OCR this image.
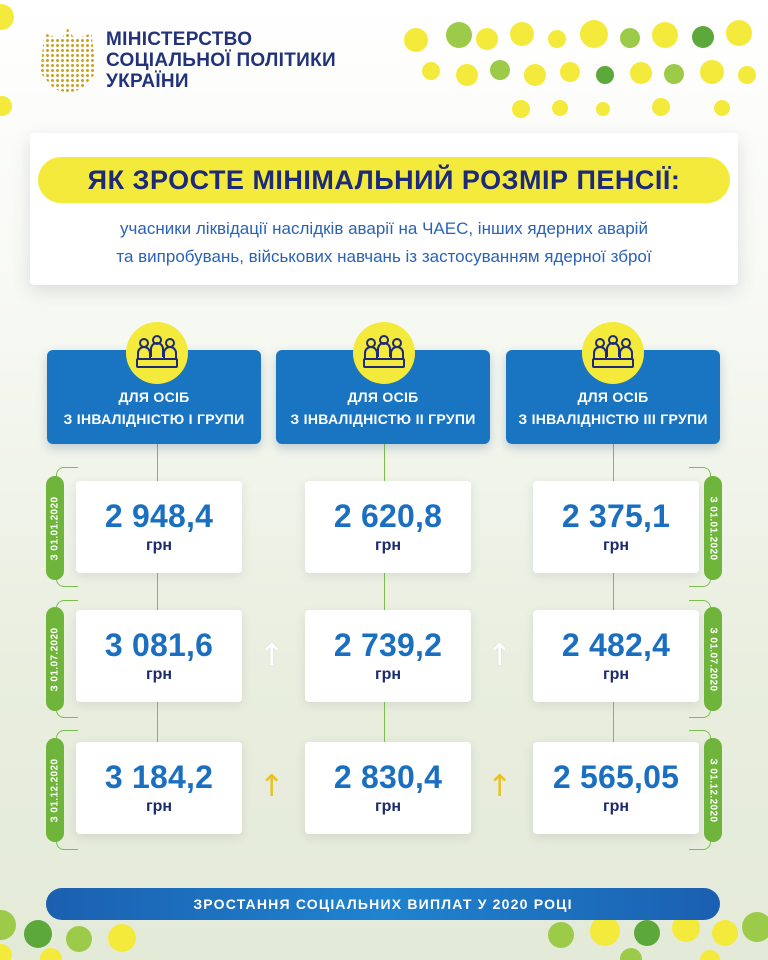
МІНІСТЕРСТВО
СОЦІАЛЬНОЇ ПОЛІТИКИ
УКРАЇНИ
ЯК ЗРОСТЕ МІНІМАЛЬНИЙ РОЗМІР ПЕНСІЇ:
учасники ліквідації наслідків аварії на ЧАЕС, інших ядерних аварій
та випробувань, військових навчань із застосуванням ядерної зброї
ДЛЯ ОСІБ
З ІНВАЛІДНІСТЮ І ГРУПИ
2 948,4
грн
3 081,6
грн
3 184,2
грн
ДЛЯ ОСІБ
З ІНВАЛІДНІСТЮ ІІ ГРУПИ
2 620,8
грн
2 739,2
грн
2 830,4
грн
ДЛЯ ОСІБ
З ІНВАЛІДНІСТЮ ІІІ ГРУПИ
2 375,1
грн
2 482,4
грн
2 565,05
грн
З 01.01.2020
З 01.07.2020
З 01.12.2020
З 01.01.2020
З 01.07.2020
З 01.12.2020
↑	↑
↑	↑
ЗРОСТАННЯ СОЦІАЛЬНИХ ВИПЛАТ У 2020 РОЦІ
